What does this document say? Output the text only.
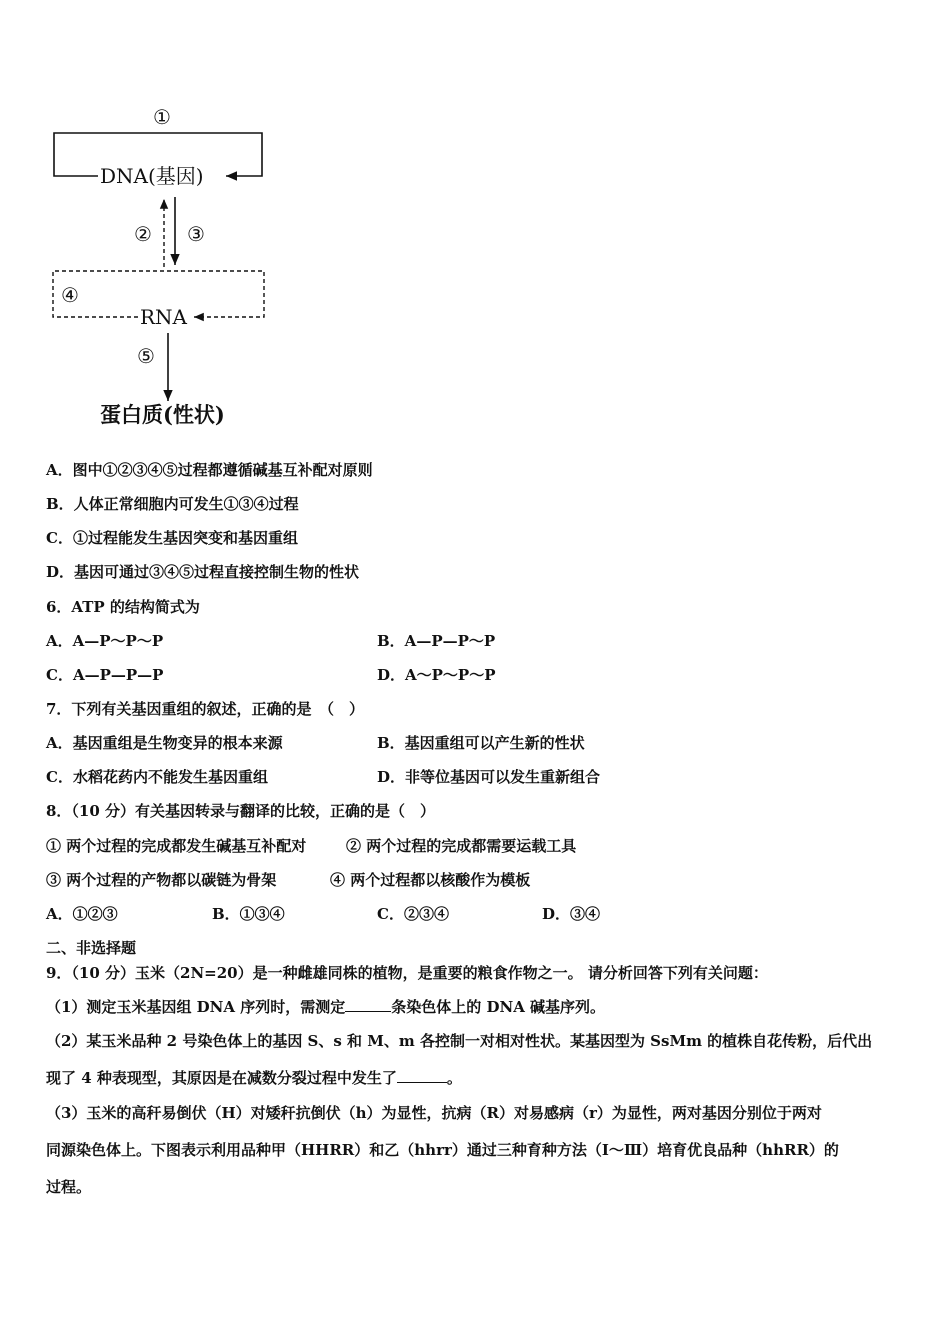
①
DNA(基因)
② ③
④
RNA
⑤
蛋白质(性状)
A．图中①②③④⑤过程都遵循碱基互补配对原则
B．人体正常细胞内可发生①③④过程
C．①过程能发生基因突变和基因重组
D．基因可通过③④⑤过程直接控制生物的性状
6．ATP 的结构简式为
A．A—P～P～P	B．A—P—P～P
C．A—P—P—P	D．A～P～P～P
7．下列有关基因重组的叙述，正确的是　（　）
A．基因重组是生物变异的根本来源	B．基因重组可以产生新的性状
C．水稻花药内不能发生基因重组	D．非等位基因可以发生重新组合
8．（10 分）有关基因转录与翻译的比较，正确的是（　）
① 两个过程的完成都发生碱基互补配对	② 两个过程的完成都需要运载工具
③ 两个过程的产物都以碳链为骨架	④ 两个过程都以核酸作为模板
A．①②③	B．①③④	C．②③④	D．③④
二、非选择题
9．（10 分）玉米（2N=20）是一种雌雄同株的植物，是重要的粮食作物之一。 请分析回答下列有关问题：
（1）测定玉米基因组 DNA 序列时，需测定	条染色体上的 DNA 碱基序列。
（2）某玉米品种 2 号染色体上的基因 S、s 和 M、m 各控制一对相对性状。某基因型为 SsMm 的植株自花传粉，后代出
现了 4 种表现型，其原因是在减数分裂过程中发生了	。
（3）玉米的高秆易倒伏（H）对矮秆抗倒伏（h）为显性，抗病（R）对易感病（r）为显性，两对基因分别位于两对
同源染色体上。下图表示利用品种甲（HHRR）和乙（hhrr）通过三种育种方法（Ⅰ～Ⅲ）培育优良品种（hhRR）的
过程。
